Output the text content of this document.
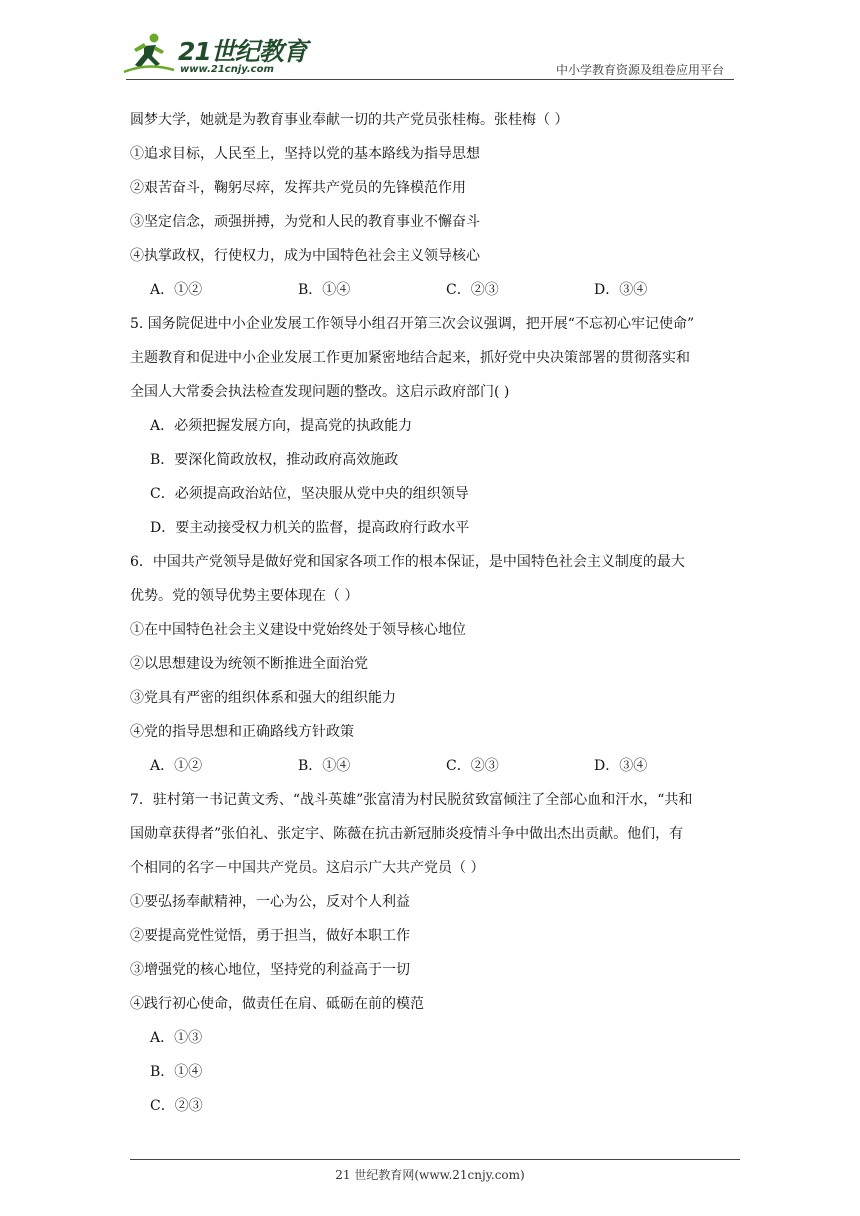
21世纪教育
www.21cnjy.com	中小学教育资源及组卷应用平台
圆梦大学，她就是为教育事业奉献一切的共产党员张桂梅。张桂梅（ ）
①追求目标，人民至上，坚持以党的基本路线为指导思想
②艰苦奋斗，鞠躬尽瘁，发挥共产党员的先锋模范作用
③坚定信念，顽强拼搏，为党和人民的教育事业不懈奋斗
④执掌政权，行使权力，成为中国特色社会主义领导核心
A．①②	B．①④	C．②③	D．③④
5. 国务院促进中小企业发展工作领导小组召开第三次会议强调，把开展“不忘初心牢记使命”
主题教育和促进中小企业发展工作更加紧密地结合起来，抓好党中央决策部署的贯彻落实和
全国人大常委会执法检查发现问题的整改。这启示政府部门( )
A．必须把握发展方向，提高党的执政能力
B．要深化简政放权，推动政府高效施政
C．必须提高政治站位，坚决服从党中央的组织领导
D．要主动接受权力机关的监督，提高政府行政水平
6．中国共产党领导是做好党和国家各项工作的根本保证，是中国特色社会主义制度的最大
优势。党的领导优势主要体现在（ ）
①在中国特色社会主义建设中党始终处于领导核心地位
②以思想建设为统领不断推进全面治党
③党具有严密的组织体系和强大的组织能力
④党的指导思想和正确路线方针政策
A．①②	B．①④	C．②③	D．③④
7．驻村第一书记黄文秀、“战斗英雄”张富清为村民脱贫致富倾注了全部心血和汗水，“共和
国勋章获得者”张伯礼、张定宇、陈薇在抗击新冠肺炎疫情斗争中做出杰出贡献。他们，有
个相同的名字－中国共产党员。这启示广大共产党员（ ）
①要弘扬奉献精神，一心为公，反对个人利益
②要提高党性觉悟，勇于担当，做好本职工作
③增强党的核心地位，坚持党的利益高于一切
④践行初心使命，做责任在肩、砥砺在前的模范
A．①③
B．①④
C．②③
21 世纪教育网(www.21cnjy.com)
